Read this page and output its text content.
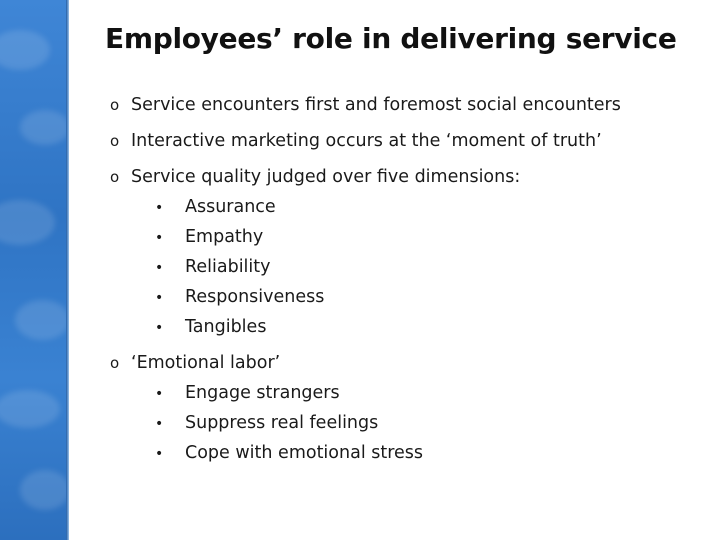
Employees’ role in delivering service
o Service encounters first and foremost social encounters
o Interactive marketing occurs at the ‘moment of truth’
o Service quality judged over five dimensions:
• Assurance
• Empathy
• Reliability
• Responsiveness
• Tangibles
o ‘Emotional labor’
• Engage strangers
• Suppress real feelings
• Cope with emotional stress
